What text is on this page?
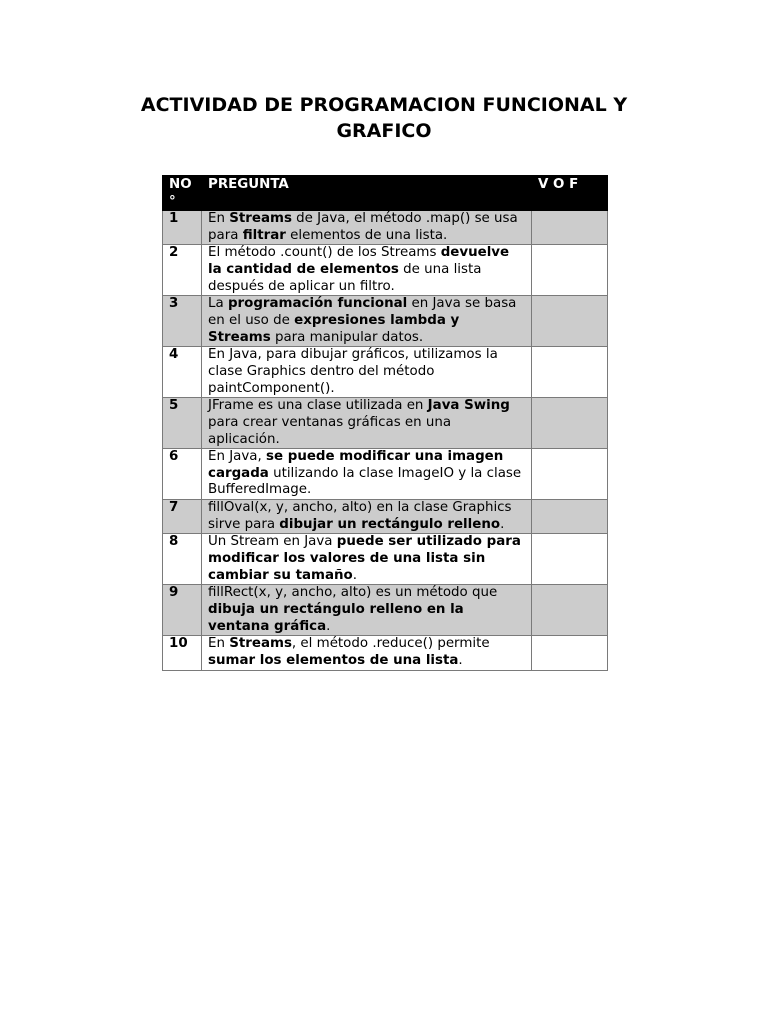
ACTIVIDAD DE PROGRAMACION FUNCIONAL Y GRAFICO
NO °	PREGUNTA	V O F
1	En Streams de Java, el método .map() se usa para filtrar elementos de una lista.	
2	El método .count() de los Streams devuelve la cantidad de elementos de una lista después de aplicar un filtro.	
3	La programación funcional en Java se basa en el uso de expresiones lambda y Streams para manipular datos.	
4	En Java, para dibujar gráficos, utilizamos la clase Graphics dentro del método paintComponent().	
5	JFrame es una clase utilizada en Java Swing para crear ventanas gráficas en una aplicación.	
6	En Java, se puede modificar una imagen cargada utilizando la clase ImageIO y la clase BufferedImage.	
7	fillOval(x, y, ancho, alto) en la clase Graphics sirve para dibujar un rectángulo relleno.	
8	Un Stream en Java puede ser utilizado para modificar los valores de una lista sin cambiar su tamaño.	
9	fillRect(x, y, ancho, alto) es un método que dibuja un rectángulo relleno en la ventana gráfica.	
10	En Streams, el método .reduce() permite sumar los elementos de una lista.	
